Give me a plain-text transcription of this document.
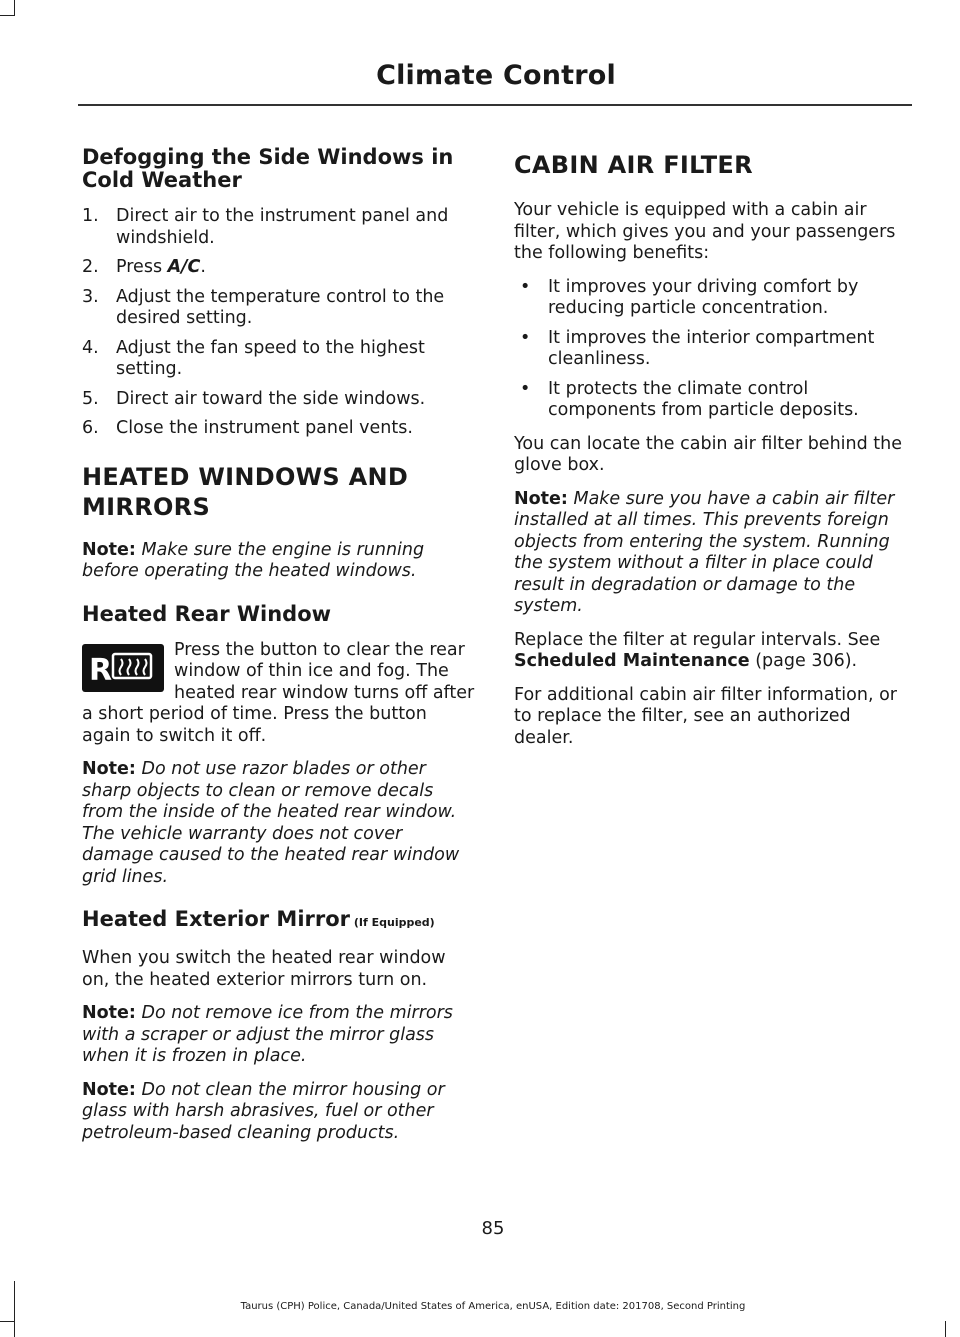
Climate Control
Defogging the Side Windows in Cold Weather
1. Direct air to the instrument panel and windshield.
2. Press A/C.
3. Adjust the temperature control to the desired setting.
4. Adjust the fan speed to the highest setting.
5. Direct air toward the side windows.
6. Close the instrument panel vents.
HEATED WINDOWS AND
MIRRORS

Note: Make sure the engine is running before operating the heated windows.

Heated Rear Window

R
Press the button to clear the rear window of thin ice and fog. The heated rear window turns off after a short period of time. Press the button again to switch it off.

Note: Do not use razor blades or other sharp objects to clean or remove decals from the inside of the heated rear window. The vehicle warranty does not cover damage caused to the heated rear window grid lines.

Heated Exterior Mirror (If Equipped)

When you switch the heated rear window on, the heated exterior mirrors turn on.

Note: Do not remove ice from the mirrors with a scraper or adjust the mirror glass when it is frozen in place.

Note: Do not clean the mirror housing or glass with harsh abrasives, fuel or other petroleum-based cleaning products.

CABIN AIR FILTER

Your vehicle is equipped with a cabin air filter, which gives you and your passengers the following benefits:

•	It improves your driving comfort by reducing particle concentration.
•	It improves the interior compartment cleanliness.
•	It protects the climate control components from particle deposits.

You can locate the cabin air filter behind the glove box.

Note: Make sure you have a cabin air filter installed at all times. This prevents foreign objects from entering the system. Running the system without a filter in place could result in degradation or damage to the system.

Replace the filter at regular intervals. See Scheduled Maintenance (page 306).

For additional cabin air filter information, or to replace the filter, see an authorized dealer.

85
Taurus (CPH) Police, Canada/United States of America, enUSA, Edition date: 201708, Second Printing
